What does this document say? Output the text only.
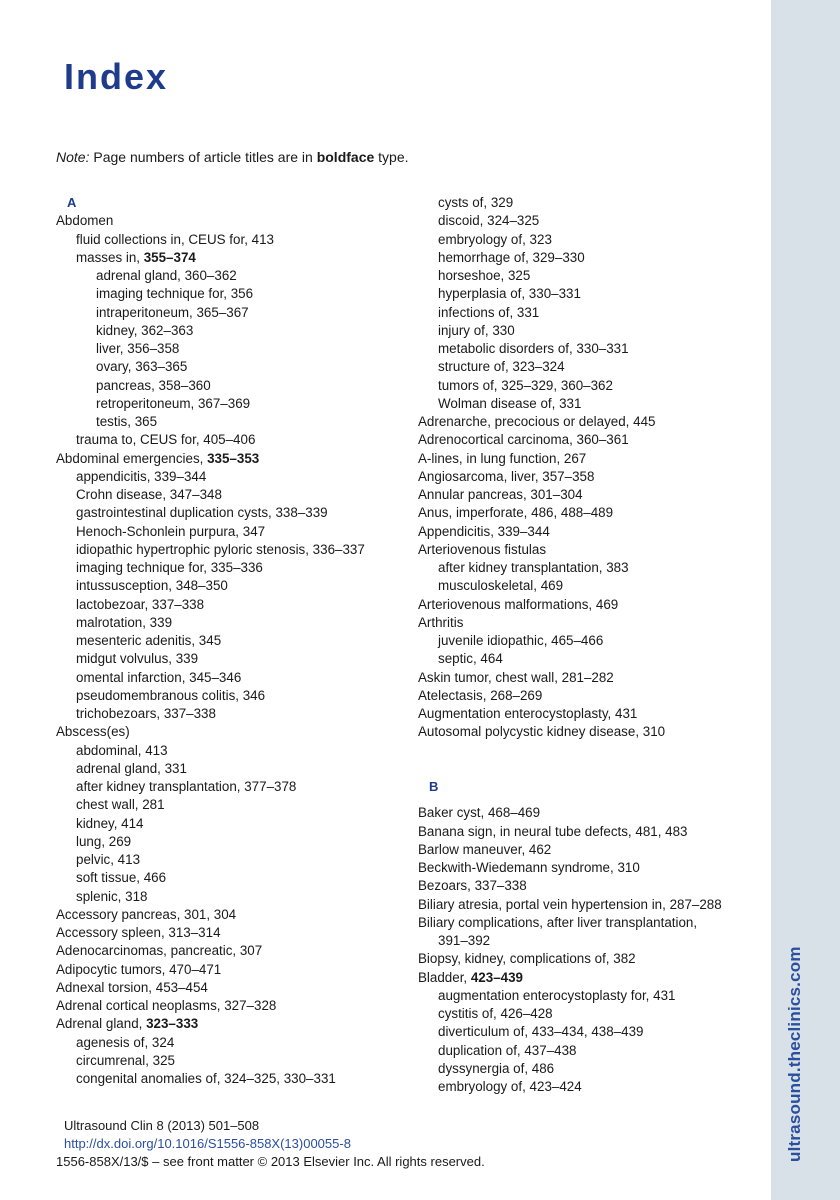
ultrasound.theclinics.com
Index
Note: Page numbers of article titles are in boldface type.
A
Abdomen
fluid collections in, CEUS for, 413
masses in, 355–374
adrenal gland, 360–362
imaging technique for, 356
intraperitoneum, 365–367
kidney, 362–363
liver, 356–358
ovary, 363–365
pancreas, 358–360
retroperitoneum, 367–369
testis, 365
trauma to, CEUS for, 405–406
Abdominal emergencies, 335–353
appendicitis, 339–344
Crohn disease, 347–348
gastrointestinal duplication cysts, 338–339
Henoch-Schonlein purpura, 347
idiopathic hypertrophic pyloric stenosis, 336–337
imaging technique for, 335–336
intussusception, 348–350
lactobezoar, 337–338
malrotation, 339
mesenteric adenitis, 345
midgut volvulus, 339
omental infarction, 345–346
pseudomembranous colitis, 346
trichobezoars, 337–338
Abscess(es)
abdominal, 413
adrenal gland, 331
after kidney transplantation, 377–378
chest wall, 281
kidney, 414
lung, 269
pelvic, 413
soft tissue, 466
splenic, 318
Accessory pancreas, 301, 304
Accessory spleen, 313–314
Adenocarcinomas, pancreatic, 307
Adipocytic tumors, 470–471
Adnexal torsion, 453–454
Adrenal cortical neoplasms, 327–328
Adrenal gland, 323–333
agenesis of, 324
circumrenal, 325
congenital anomalies of, 324–325, 330–331
cysts of, 329
discoid, 324–325
embryology of, 323
hemorrhage of, 329–330
horseshoe, 325
hyperplasia of, 330–331
infections of, 331
injury of, 330
metabolic disorders of, 330–331
structure of, 323–324
tumors of, 325–329, 360–362
Wolman disease of, 331
Adrenarche, precocious or delayed, 445
Adrenocortical carcinoma, 360–361
A-lines, in lung function, 267
Angiosarcoma, liver, 357–358
Annular pancreas, 301–304
Anus, imperforate, 486, 488–489
Appendicitis, 339–344
Arteriovenous fistulas
after kidney transplantation, 383
musculoskeletal, 469
Arteriovenous malformations, 469
Arthritis
juvenile idiopathic, 465–466
septic, 464
Askin tumor, chest wall, 281–282
Atelectasis, 268–269
Augmentation enterocystoplasty, 431
Autosomal polycystic kidney disease, 310
B
Baker cyst, 468–469
Banana sign, in neural tube defects, 481, 483
Barlow maneuver, 462
Beckwith-Wiedemann syndrome, 310
Bezoars, 337–338
Biliary atresia, portal vein hypertension in, 287–288
Biliary complications, after liver transplantation,
391–392
Biopsy, kidney, complications of, 382
Bladder, 423–439
augmentation enterocystoplasty for, 431
cystitis of, 426–428
diverticulum of, 433–434, 438–439
duplication of, 437–438
dyssynergia of, 486
embryology of, 423–424
Ultrasound Clin 8 (2013) 501–508
http://dx.doi.org/10.1016/S1556-858X(13)00055-8
1556-858X/13/$ – see front matter © 2013 Elsevier Inc. All rights reserved.
